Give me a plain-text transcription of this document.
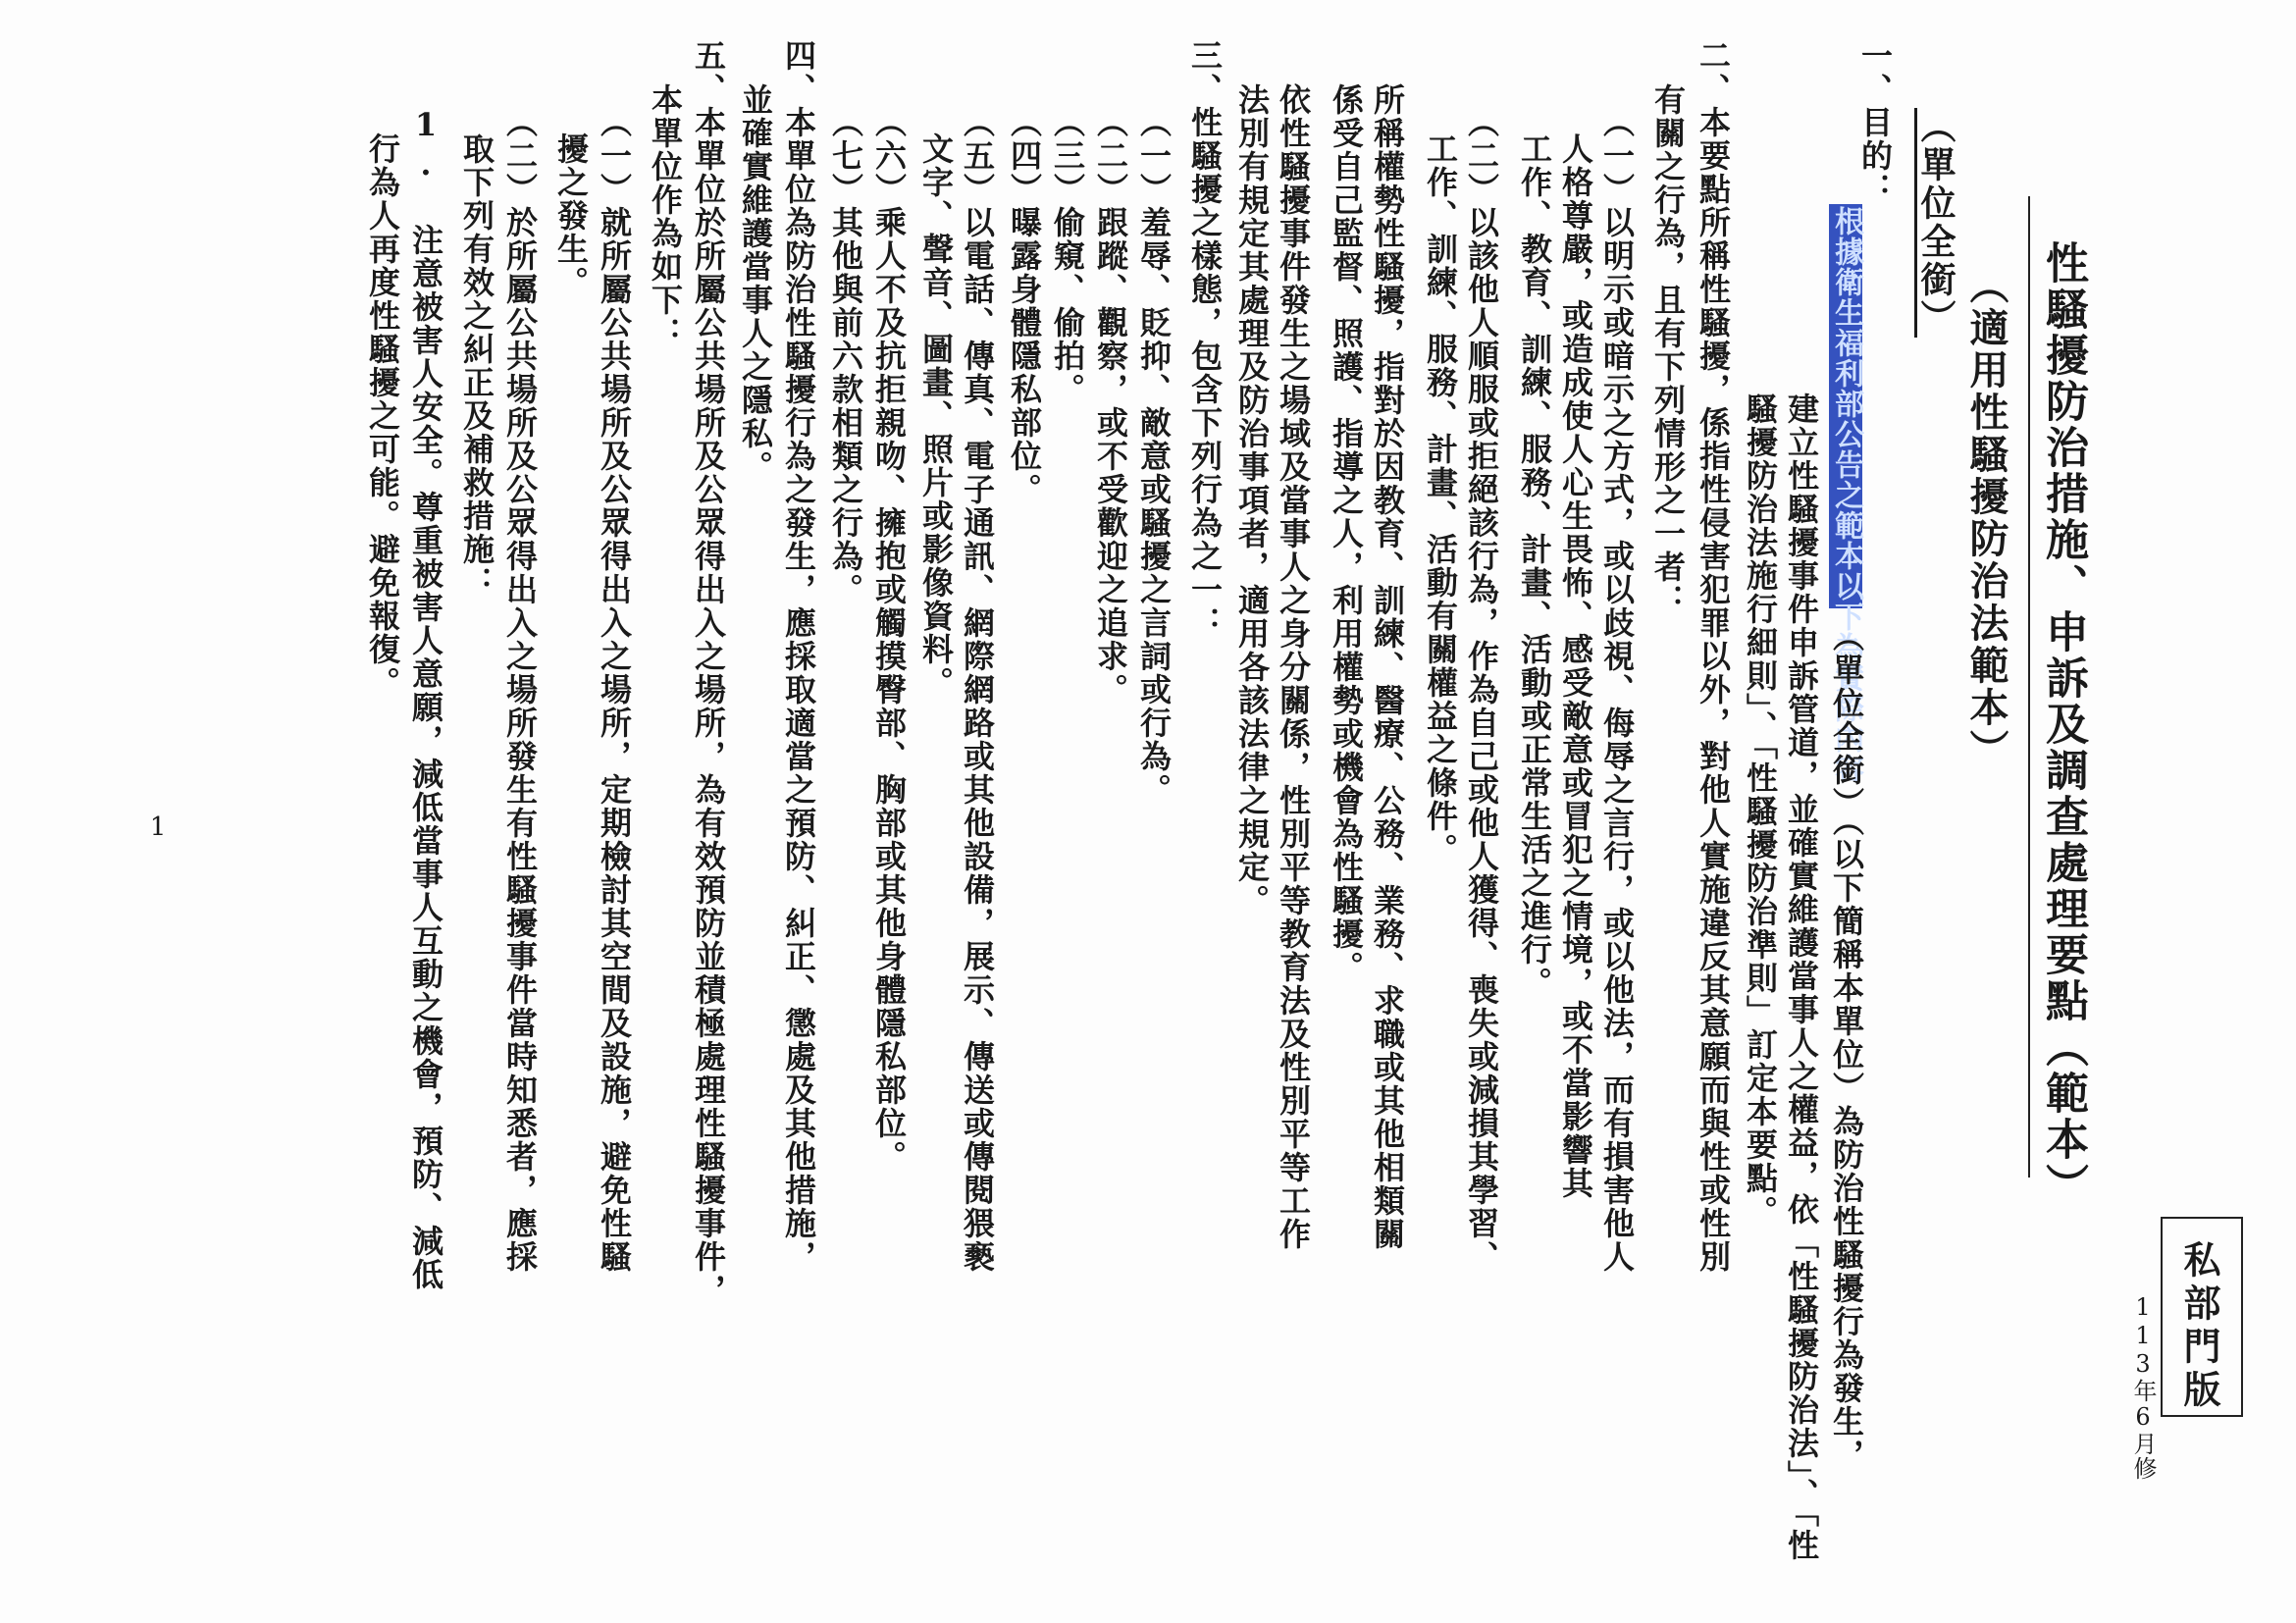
私部門版
113年6月修
性騷擾防治措施、申訴及調查處理要點（範本）
（適用性騷擾防治法範本）
（單位全銜）
根據衛生福利部公告之範本以下為實際內容
一、目的：
建立性騷擾事件申訴管道，並確實維護當事人之權益，依「性騷擾防治法」、「性
騷擾防治法施行細則」、「性騷擾防治準則」訂定本要點。
二、本要點所稱性騷擾，係指性侵害犯罪以外，對他人實施違反其意願而與性或性別
有關之行為，且有下列情形之一者：
（一）以明示或暗示之方式，或以歧視、侮辱之言行，或以他法，而有損害他人
人格尊嚴，或造成使人心生畏怖、感受敵意或冒犯之情境，或不當影響其
工作、教育、訓練、服務、計畫、活動或正常生活之進行。
（二）以該他人順服或拒絕該行為，作為自己或他人獲得、喪失或減損其學習、
工作、訓練、服務、計畫、活動有關權益之條件。
所稱權勢性騷擾，指對於因教育、訓練、醫療、公務、業務、求職或其他相類關
係受自己監督、照護、指導之人，利用權勢或機會為性騷擾。
依性騷擾事件發生之場域及當事人之身分關係，性別平等教育法及性別平等工作
法別有規定其處理及防治事項者，適用各該法律之規定。
三、性騷擾之樣態，包含下列行為之一：
（一）羞辱、貶抑、敵意或騷擾之言詞或行為。
（二）跟蹤、觀察，或不受歡迎之追求。
（三）偷窺、偷拍。
（四）曝露身體隱私部位。
（五）以電話、傳真、電子通訊、網際網路或其他設備，展示、傳送或傳閱猥褻
文字、聲音、圖畫、照片或影像資料。
（六）乘人不及抗拒親吻、擁抱或觸摸臀部、胸部或其他身體隱私部位。
（七）其他與前六款相類之行為。
四、本單位為防治性騷擾行為之發生，應採取適當之預防、糾正、懲處及其他措施，
並確實維護當事人之隱私。
五、本單位於所屬公共場所及公眾得出入之場所，為有效預防並積極處理性騷擾事件，
本單位作為如下：
（一）就所屬公共場所及公眾得出入之場所，定期檢討其空間及設施，避免性騷
擾之發生。
（二）於所屬公共場所及公眾得出入之場所發生有性騷擾事件當時知悉者，應採
取下列有效之糾正及補救措施：
1. 注意被害人安全。尊重被害人意願，減低當事人互動之機會，預防、減低
行為人再度性騷擾之可能。避免報復。
（單位全銜）（以下簡稱本單位）為防治性騷擾行為發生，
1
